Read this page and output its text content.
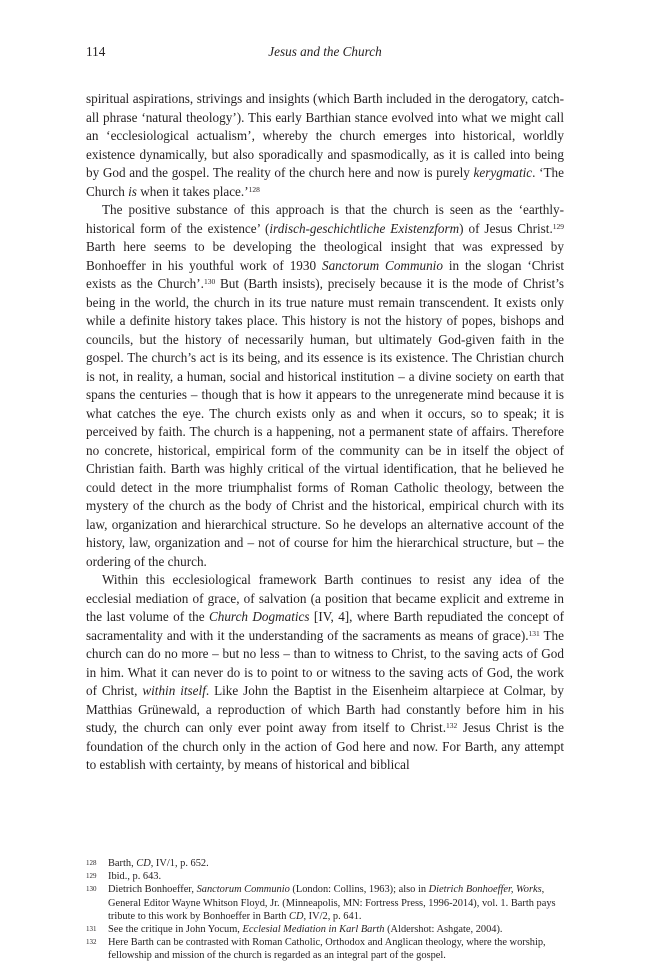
114	Jesus and the Church

spiritual aspirations, strivings and insights (which Barth included in the derogatory, catch-all phrase ‘natural theology’). This early Barthian stance evolved into what we might call an ‘ecclesiological actualism’, whereby the church emerges into historical, worldly existence dynamically, but also sporadically and spasmodically, as it is called into being by God and the gospel. The reality of the church here and now is purely kerygmatic. ‘The Church is when it takes place.’$^{128}$

The positive substance of this approach is that the church is seen as the ‘earthly-historical form of the existence’ (irdisch-geschichtliche Existenzform) of Jesus Christ.$^{129}$ Barth here seems to be developing the theological insight that was expressed by Bonhoeffer in his youthful work of 1930 Sanctorum Communio in the slogan ‘Christ exists as the Church’.$^{130}$ But (Barth insists), precisely because it is the mode of Christ’s being in the world, the church in its true nature must remain transcendent. It exists only while a definite history takes place. This history is not the history of popes, bishops and councils, but the history of necessarily human, but ultimately God-given faith in the gospel. The church’s act is its being, and its essence is its existence. The Christian church is not, in reality, a human, social and historical institution – a divine society on earth that spans the centuries – though that is how it appears to the unregenerate mind because it is what catches the eye. The church exists only as and when it occurs, so to speak; it is perceived by faith. The church is a happening, not a permanent state of affairs. Therefore no concrete, historical, empirical form of the community can be in itself the object of Christian faith. Barth was highly critical of the virtual identification, that he believed he could detect in the more triumphalist forms of Roman Catholic theology, between the mystery of the church as the body of Christ and the historical, empirical church with its law, organization and hierarchical structure. So he develops an alternative account of the history, law, organization and – not of course for him the hierarchical structure, but – the ordering of the church.

Within this ecclesiological framework Barth continues to resist any idea of the ecclesial mediation of grace, of salvation (a position that became explicit and extreme in the last volume of the Church Dogmatics [IV, 4], where Barth repudiated the concept of sacramentality and with it the understanding of the sacraments as means of grace).$^{131}$ The church can do no more – but no less – than to witness to Christ, to the saving acts of God in him. What it can never do is to point to or witness to the saving acts of God, the work of Christ, within itself. Like John the Baptist in the Eisenheim altarpiece at Colmar, by Matthias Grünewald, a reproduction of which Barth had constantly before him in his study, the church can only ever point away from itself to Christ.$^{132}$ Jesus Christ is the foundation of the church only in the action of God here and now. For Barth, any attempt to establish with certainty, by means of historical and biblical

128 Barth, CD, IV/1, p. 652.
129 Ibid., p. 643.
130 Dietrich Bonhoeffer, Sanctorum Communio (London: Collins, 1963); also in Dietrich Bonhoeffer, Works, General Editor Wayne Whitson Floyd, Jr. (Minneapolis, MN: Fortress Press, 1996-2014), vol. 1. Barth pays tribute to this work by Bonhoeffer in Barth CD, IV/2, p. 641.
131 See the critique in John Yocum, Ecclesial Mediation in Karl Barth (Aldershot: Ashgate, 2004).
132 Here Barth can be contrasted with Roman Catholic, Orthodox and Anglican theology, where the worship, fellowship and mission of the church is regarded as an integral part of the gospel.
